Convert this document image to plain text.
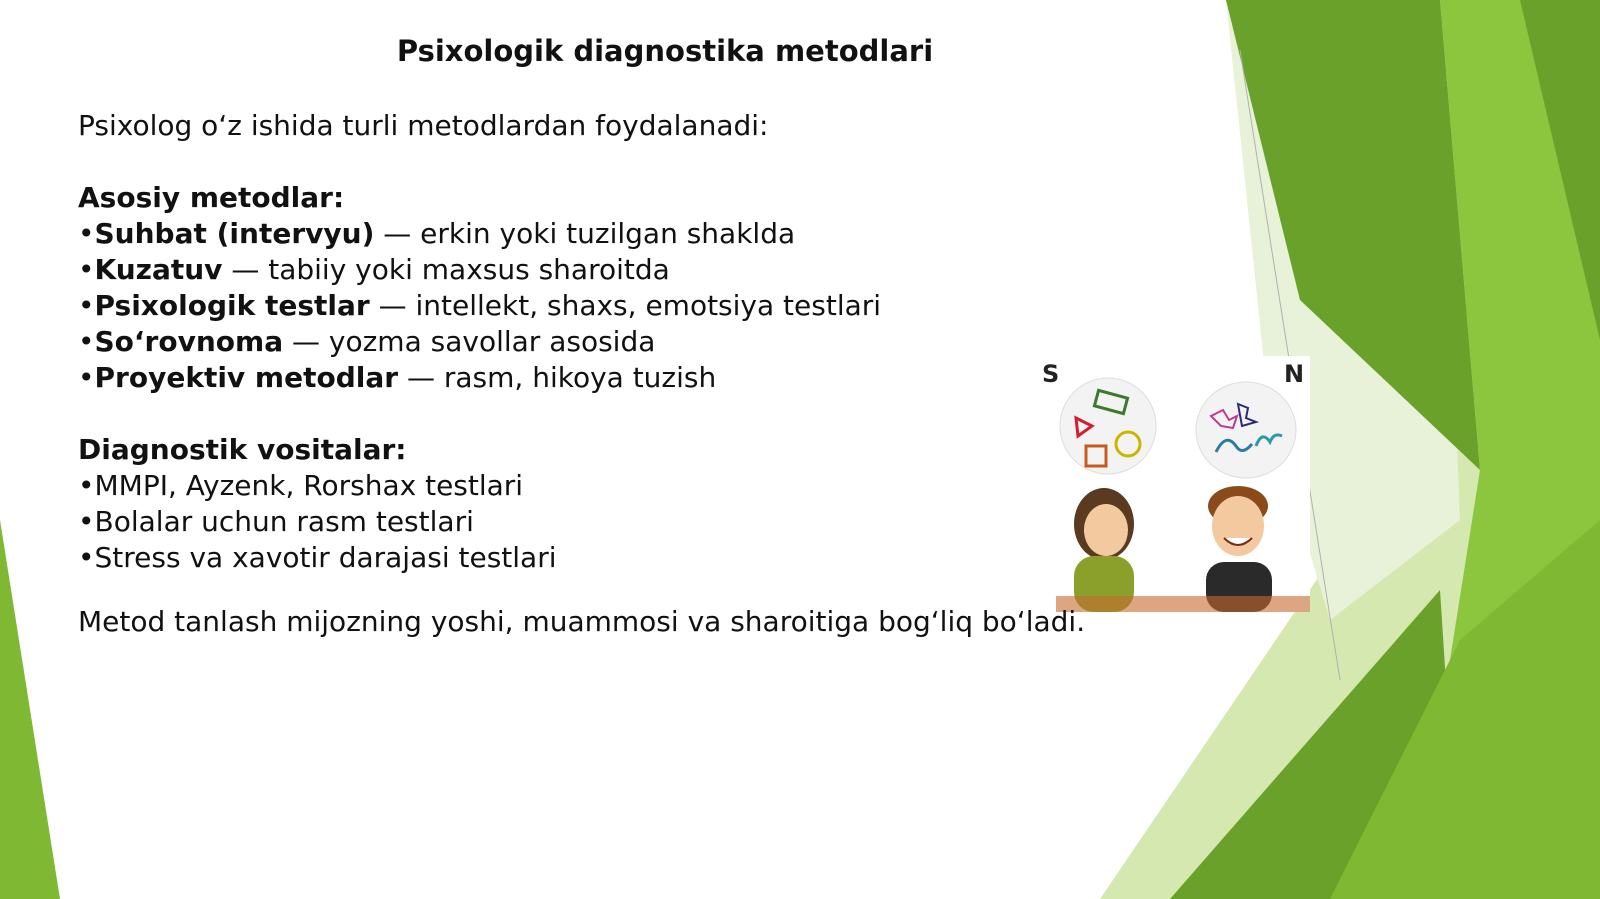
Psixologik diagnostika metodlari

Psixolog o‘z ishida turli metodlardan foydalanadi:

Asosiy metodlar:

•Suhbat (intervyu) — erkin yoki tuzilgan shaklda

•Kuzatuv — tabiiy yoki maxsus sharoitda

•Psixologik testlar — intellekt, shaxs, emotsiya testlari

•So‘rovnoma — yozma savollar asosida

•Proyektiv metodlar — rasm, hikoya tuzish

Diagnostik vositalar:

•MMPI, Ayzenk, Rorshax testlari

•Bolalar uchun rasm testlari

•Stress va xavotir darajasi testlari

S	N

Metod tanlash mijozning yoshi, muammosi va sharoitiga bog‘liq bo‘ladi.
